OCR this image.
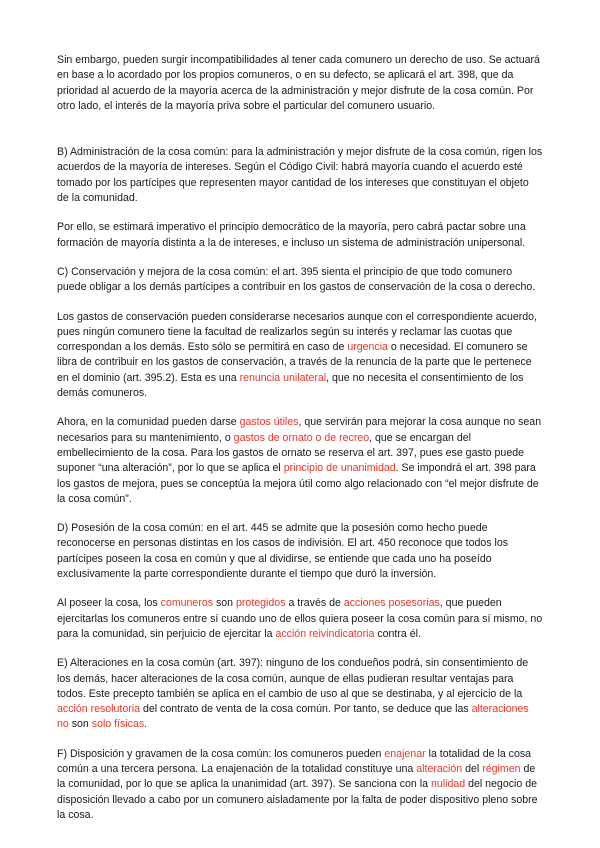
Sin embargo, pueden surgir incompatibilidades al tener cada comunero un derecho de uso. Se actuará en base a lo acordado por los propios comuneros, o en su defecto, se aplicará el art. 398, que da prioridad al acuerdo de la mayoría acerca de la administración y mejor disfrute de la cosa común. Por otro lado, el interés de la mayoría priva sobre el particular del comunero usuario.

B) Administración de la cosa común: para la administración y mejor disfrute de la cosa común, rigen los acuerdos de la mayoría de intereses. Según el Código Civil: habrá mayoría cuando el acuerdo esté tomado por los partícipes que representen mayor cantidad de los intereses que constituyan el objeto de la comunidad.

Por ello, se estimará imperativo el principio democrático de la mayoría, pero cabrá pactar sobre una formación de mayoría distinta a la de intereses, e incluso un sistema de administración unipersonal.

C) Conservación y mejora de la cosa común: el art. 395 sienta el principio de que todo comunero puede obligar a los demás partícipes a contribuir en los gastos de conservación de la cosa o derecho.

Los gastos de conservación pueden considerarse necesarios aunque con el correspondiente acuerdo, pues ningún comunero tiene la facultad de realizarlos según su interés y reclamar las cuotas que correspondan a los demás. Esto sólo se permitirá en caso de urgencia o necesidad. El comunero se libra de contribuir en los gastos de conservación, a través de la renuncia de la parte que le pertenece en el dominio (art. 395.2). Esta es una renuncia unilateral, que no necesita el consentimiento de los demás comuneros.

Ahora, en la comunidad pueden darse gastos útiles, que servirán para mejorar la cosa aunque no sean necesarios para su mantenimiento, o gastos de ornato o de recreo, que se encargan del embellecimiento de la cosa. Para los gastos de ornato se reserva el art. 397, pues ese gasto puede suponer “una alteración”, por lo que se aplica el principio de unanimidad. Se impondrá el art. 398 para los gastos de mejora, pues se conceptúa la mejora útil como algo relacionado con “el mejor disfrute de la cosa común”.

D) Posesión de la cosa común: en el art. 445 se admite que la posesión como hecho puede reconocerse en personas distintas en los casos de indivisión. El art. 450 reconoce que todos los partícipes poseen la cosa en común y que al dividirse, se entiende que cada uno ha poseído exclusivamente la parte correspondiente durante el tiempo que duró la inversión.

Al poseer la cosa, los comuneros son protegidos a través de acciones posesorias, que pueden ejercitarlas los comuneros entre sí cuando uno de ellos quiera poseer la cosa común para sí mismo, no para la comunidad, sin perjuicio de ejercitar la acción reivindicatoria contra él.

E) Alteraciones en la cosa común (art. 397): ninguno de los condueños podrá, sin consentimiento de los demás, hacer alteraciones de la cosa común, aunque de ellas pudieran resultar ventajas para todos. Este precepto también se aplica en el cambio de uso al que se destinaba, y al ejercicio de la acción resolutoria del contrato de venta de la cosa común. Por tanto, se deduce que las alteraciones no son solo físicas.

F) Disposición y gravamen de la cosa común: los comuneros pueden enajenar la totalidad de la cosa común a una tercera persona. La enajenación de la totalidad constituye una alteración del régimen de la comunidad, por lo que se aplica la unanimidad (art. 397). Se sanciona con la nulidad del negocio de disposición llevado a cabo por un comunero aisladamente por la falta de poder dispositivo pleno sobre la cosa.
